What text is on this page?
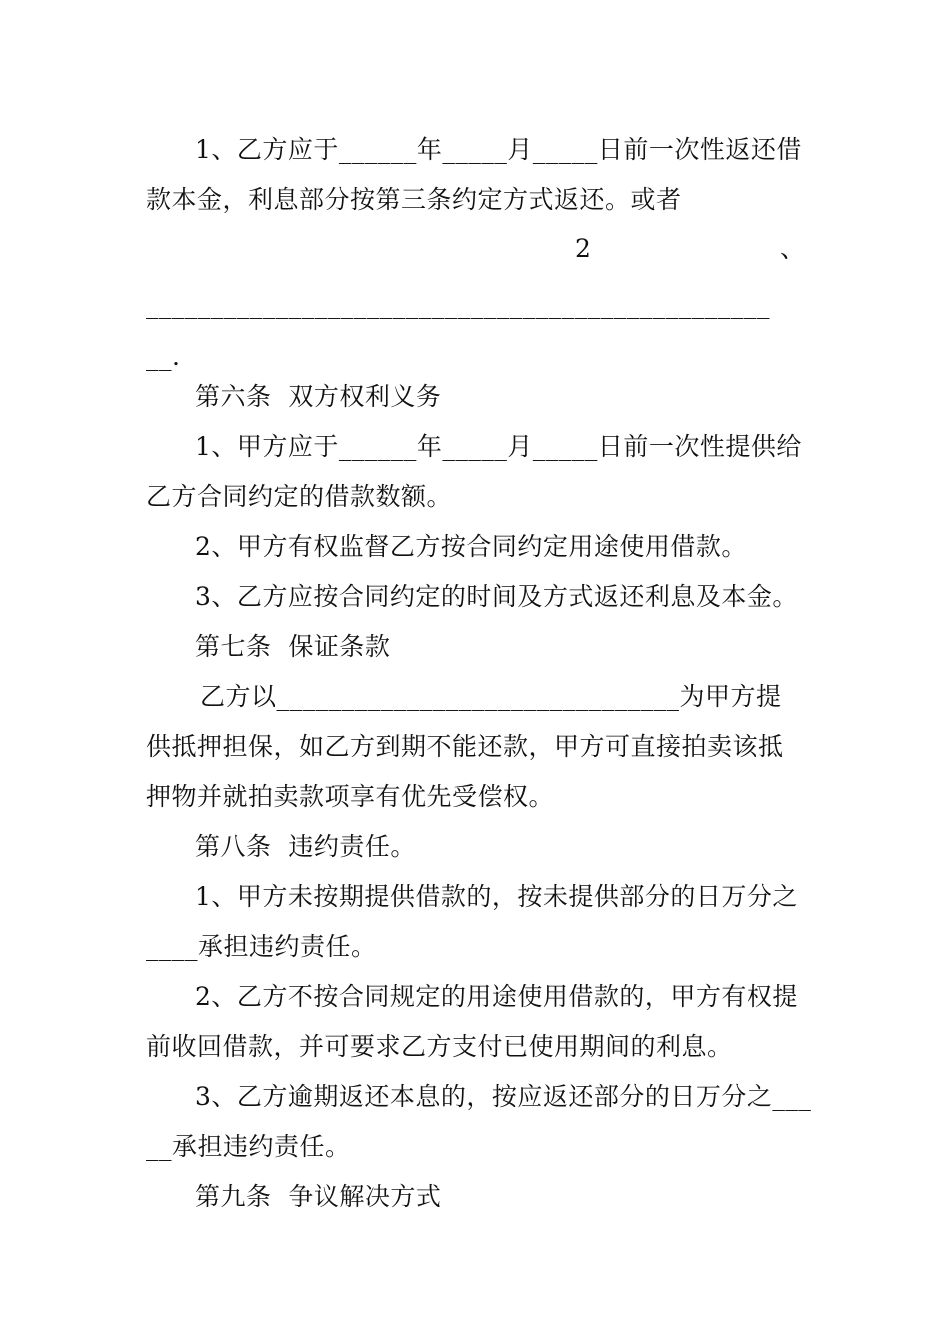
1、乙方应于______年_____月_____日前一次性返还借
款本金，利息部分按第三条约定方式返还。或者
2	、
________________________________________________
__.
第六条  双方权利义务
1、甲方应于______年_____月_____日前一次性提供给
乙方合同约定的借款数额。
2、甲方有权监督乙方按合同约定用途使用借款。
3、乙方应按合同约定的时间及方式返还利息及本金。
第七条  保证条款
乙方以_______________________________为甲方提
供抵押担保，如乙方到期不能还款，甲方可直接拍卖该抵
押物并就拍卖款项享有优先受偿权。
第八条  违约责任。
1、甲方未按期提供借款的，按未提供部分的日万分之
____承担违约责任。
2、乙方不按合同规定的用途使用借款的，甲方有权提
前收回借款，并可要求乙方支付已使用期间的利息。
3、乙方逾期返还本息的，按应返还部分的日万分之___
__承担违约责任。
第九条  争议解决方式
